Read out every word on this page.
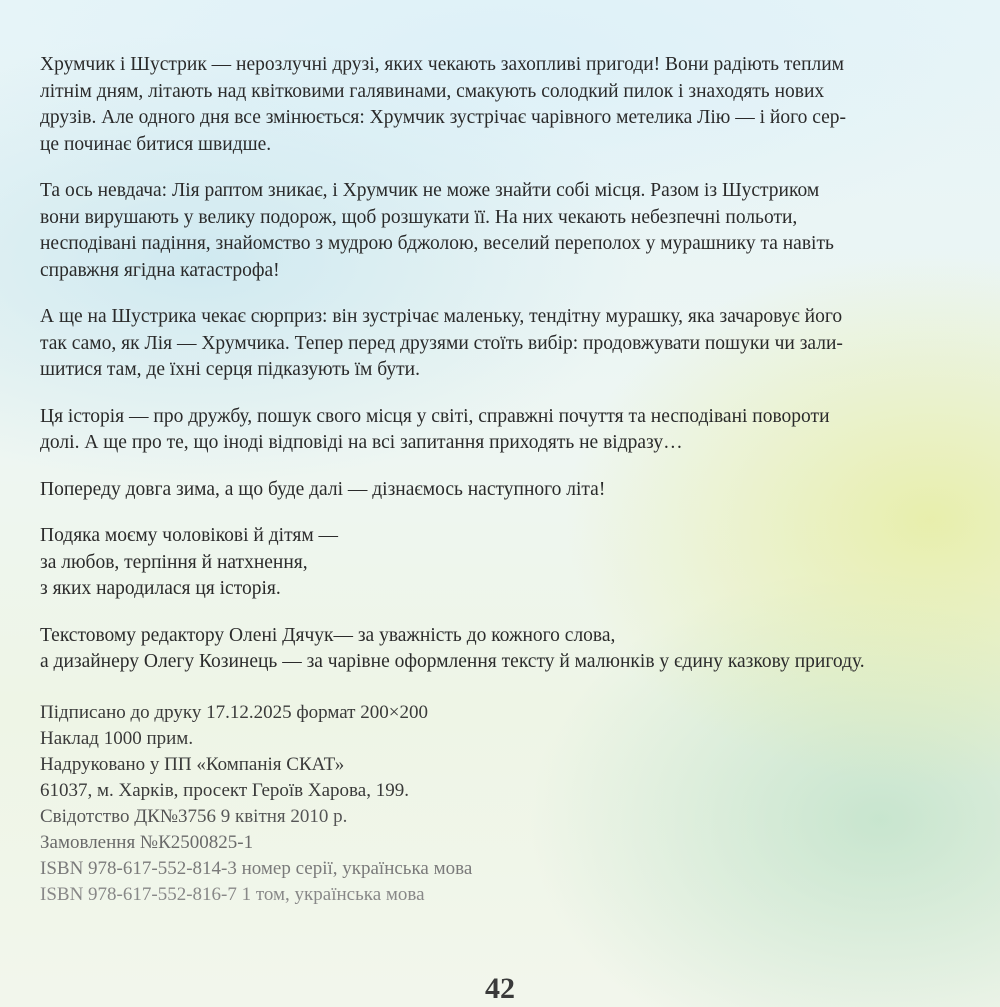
Хрумчик і Шустрик — нерозлучні друзі, яких чекають захопливі пригоди! Вони радіють теплим
літнім дням, літають над квітковими галявинами, смакують солодкий пилок і знаходять нових
друзів. Але одного дня все змінюється: Хрумчик зустрічає чарівного метелика Лію — і його сер-
це починає битися швидше.

Та ось невдача: Лія раптом зникає, і Хрумчик не може знайти собі місця. Разом із Шустриком
вони вирушають у велику подорож, щоб розшукати її. На них чекають небезпечні польоти,
несподівані падіння, знайомство з мудрою бджолою, веселий переполох у мурашнику та навіть
справжня ягідна катастрофа!

А ще на Шустрика чекає сюрприз: він зустрічає маленьку, тендітну мурашку, яка зачаровує його
так само, як Лія — Хрумчика. Тепер перед друзями стоїть вибір: продовжувати пошуки чи зали-
шитися там, де їхні серця підказують їм бути.

Ця історія — про дружбу, пошук свого місця у світі, справжні почуття та несподівані повороти
долі. А ще про те, що іноді відповіді на всі запитання приходять не відразу…

Попереду довга зима, а що буде далі — дізнаємось наступного літа!

Подяка моєму чоловікові й дітям —
за любов, терпіння й натхнення,
з яких народилася ця історія.

Текстовому редактору Олені Дячук— за уважність до кожного слова,
а дизайнеру Олегу Козинець — за чарівне оформлення тексту й малюнків у єдину казкову пригоду.

Підписано до друку 17.12.2025 формат 200×200
Наклад 1000 прим.
Надруковано у ПП «Компанія СКАТ»
61037, м. Харків, просект Героїв Харова, 199.
Свідотство ДК№3756 9 квітня 2010 р.
Замовлення №К2500825-1
ISBN 978-617-552-814-3 номер серії, українська мова
ISBN 978-617-552-816-7 1 том, українська мова
42
